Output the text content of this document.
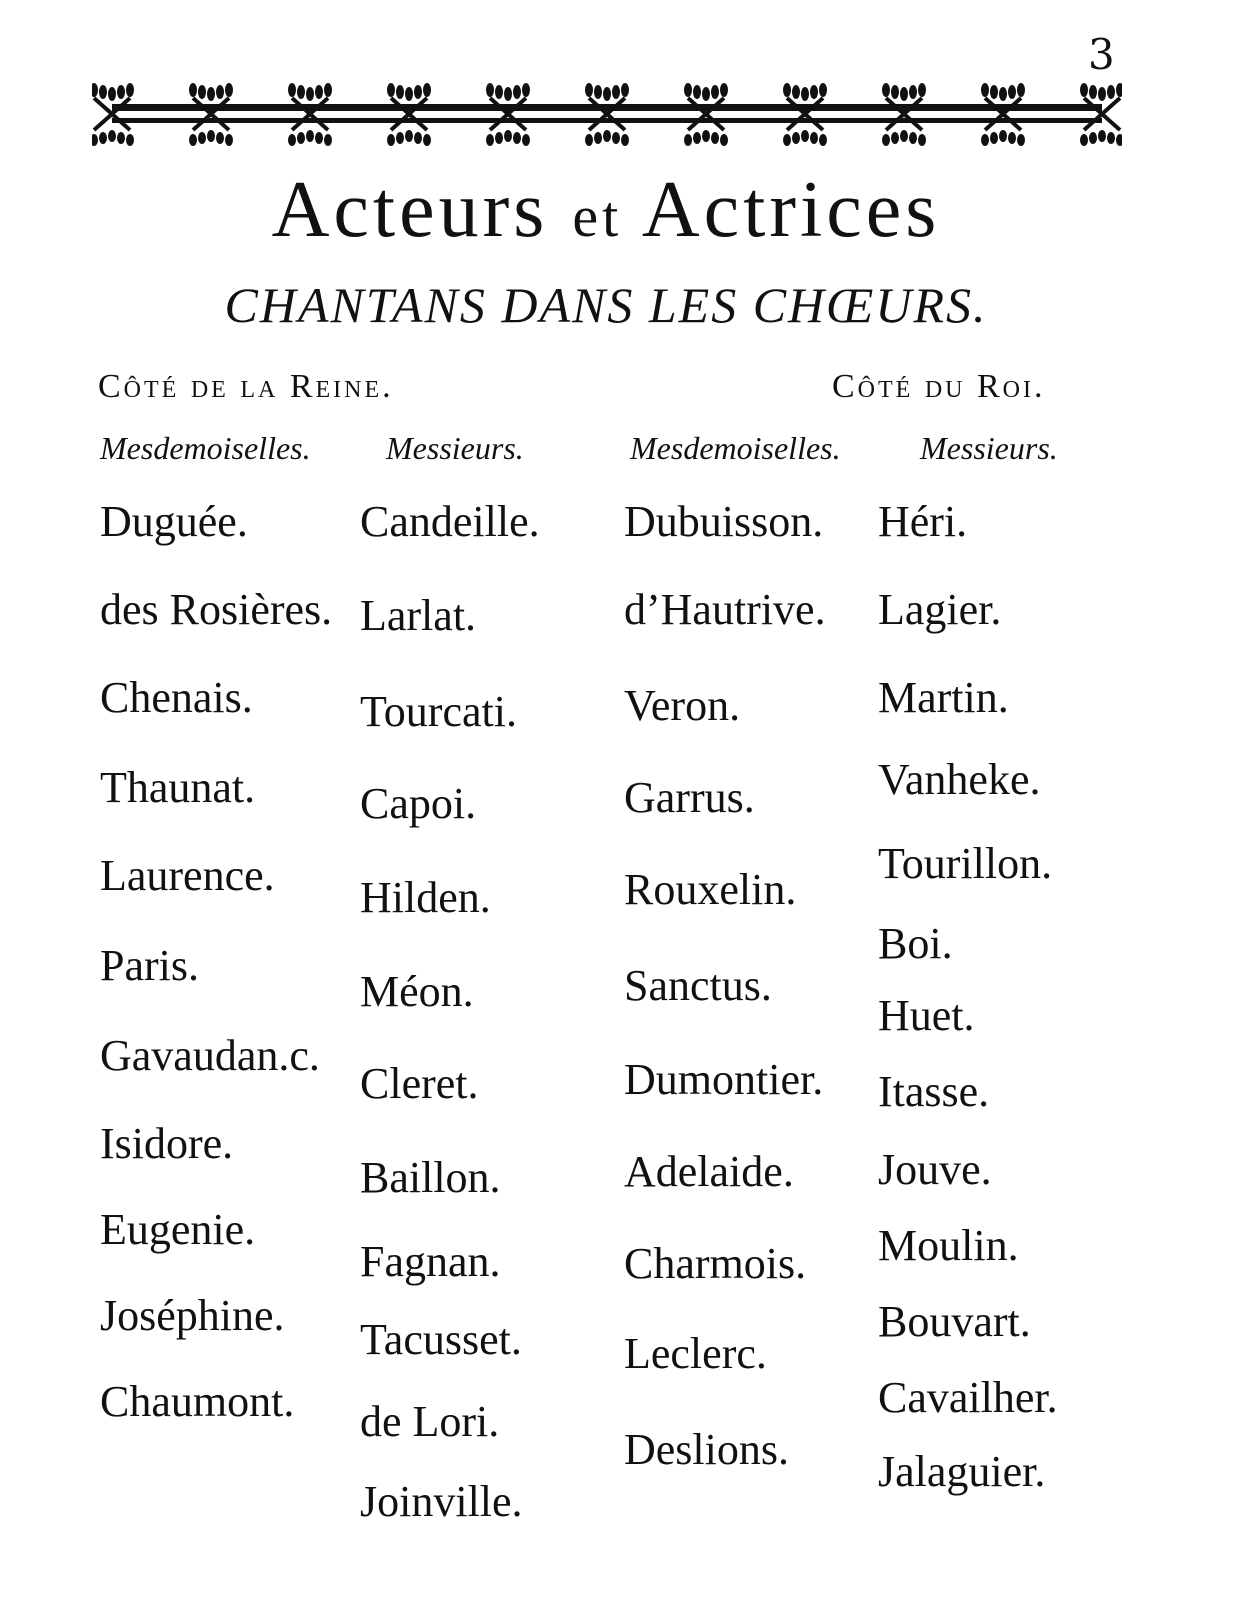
3
Acteurs et Actrices
CHANTANS DANS LES CHŒURS.
Côté de la Reine.	Côté du Roi.
Mesdemoiselles. Messieurs.	Mesdemoiselles. Messieurs.
Duguée.
des Rosières.
Chenais.
Thaunat.
Laurence.
Paris.
Gavaudan.c.
Isidore.
Eugenie.
Joséphine.
Chaumont.
Candeille.
Larlat.
Tourcati.
Capoi.
Hilden.
Méon.
Cleret.
Baillon.
Fagnan.
Tacusset.
de Lori.
Joinville.
Dubuisson.
d’Hautrive.
Veron.
Garrus.
Rouxelin.
Sanctus.
Dumontier.
Adelaide.
Charmois.
Leclerc.
Deslions.
Héri.
Lagier.
Martin.
Vanheke.
Tourillon.
Boi.
Huet.
Itasse.
Jouve.
Moulin.
Bouvart.
Cavailher.
Jalaguier.
